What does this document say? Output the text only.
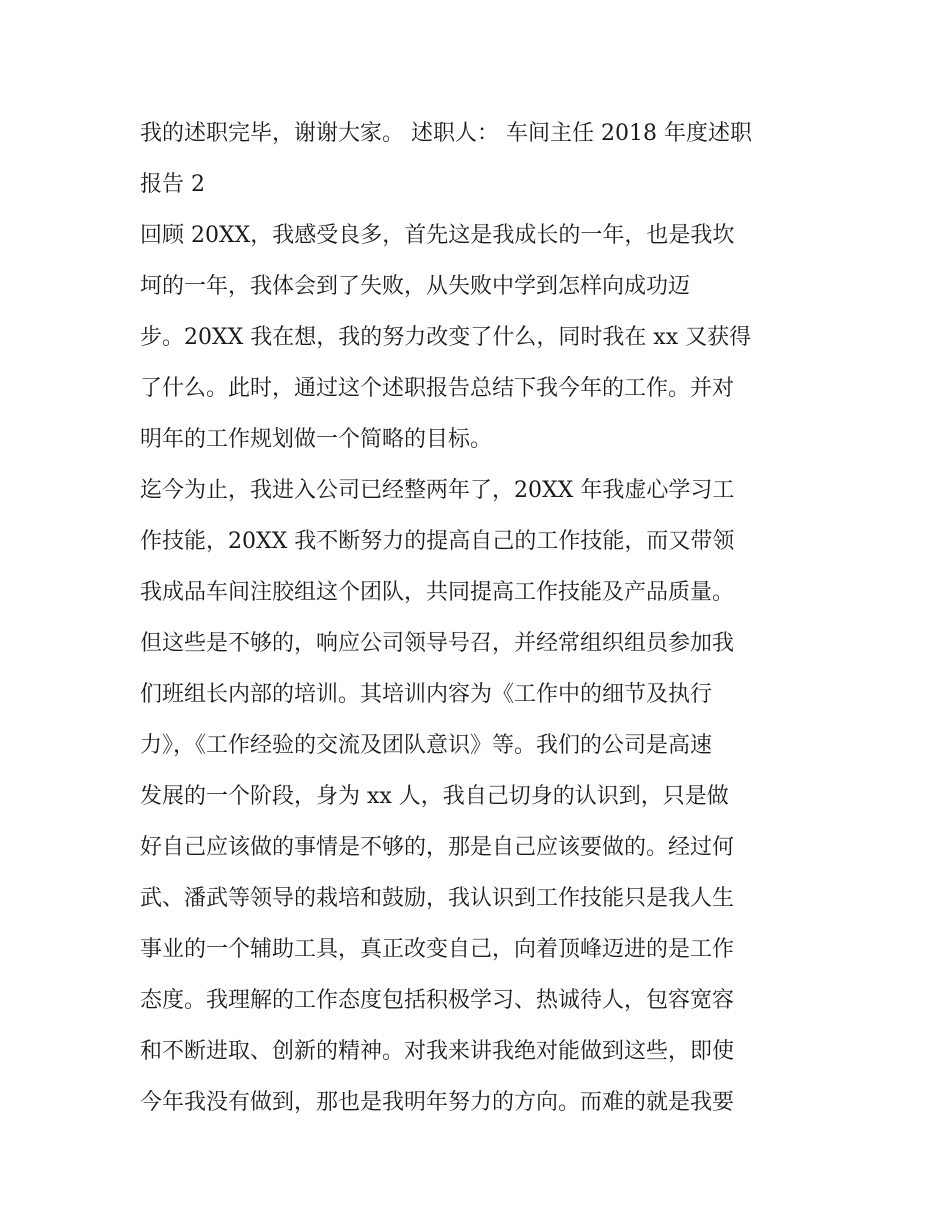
我的述职完毕，谢谢大家。 述职人： 车间主任 2018 年度述职
报告 2
回顾 20XX，我感受良多，首先这是我成长的一年，也是我坎
坷的一年，我体会到了失败，从失败中学到怎样向成功迈
步。20XX 我在想，我的努力改变了什么，同时我在 xx 又获得
了什么。此时，通过这个述职报告总结下我今年的工作。并对
明年的工作规划做一个简略的目标。
迄今为止，我进入公司已经整两年了，20XX 年我虚心学习工
作技能，20XX 我不断努力的提高自己的工作技能，而又带领
我成品车间注胶组这个团队，共同提高工作技能及产品质量。
但这些是不够的，响应公司领导号召，并经常组织组员参加我
们班组长内部的培训。其培训内容为《工作中的细节及执行
力》，《工作经验的交流及团队意识》等。我们的公司是高速
发展的一个阶段，身为 xx 人，我自己切身的认识到，只是做
好自己应该做的事情是不够的，那是自己应该要做的。经过何
武、潘武等领导的栽培和鼓励，我认识到工作技能只是我人生
事业的一个辅助工具，真正改变自己，向着顶峰迈进的是工作
态度。我理解的工作态度包括积极学习、热诚待人，包容宽容
和不断进取、创新的精神。对我来讲我绝对能做到这些，即使
今年我没有做到，那也是我明年努力的方向。而难的就是我要
